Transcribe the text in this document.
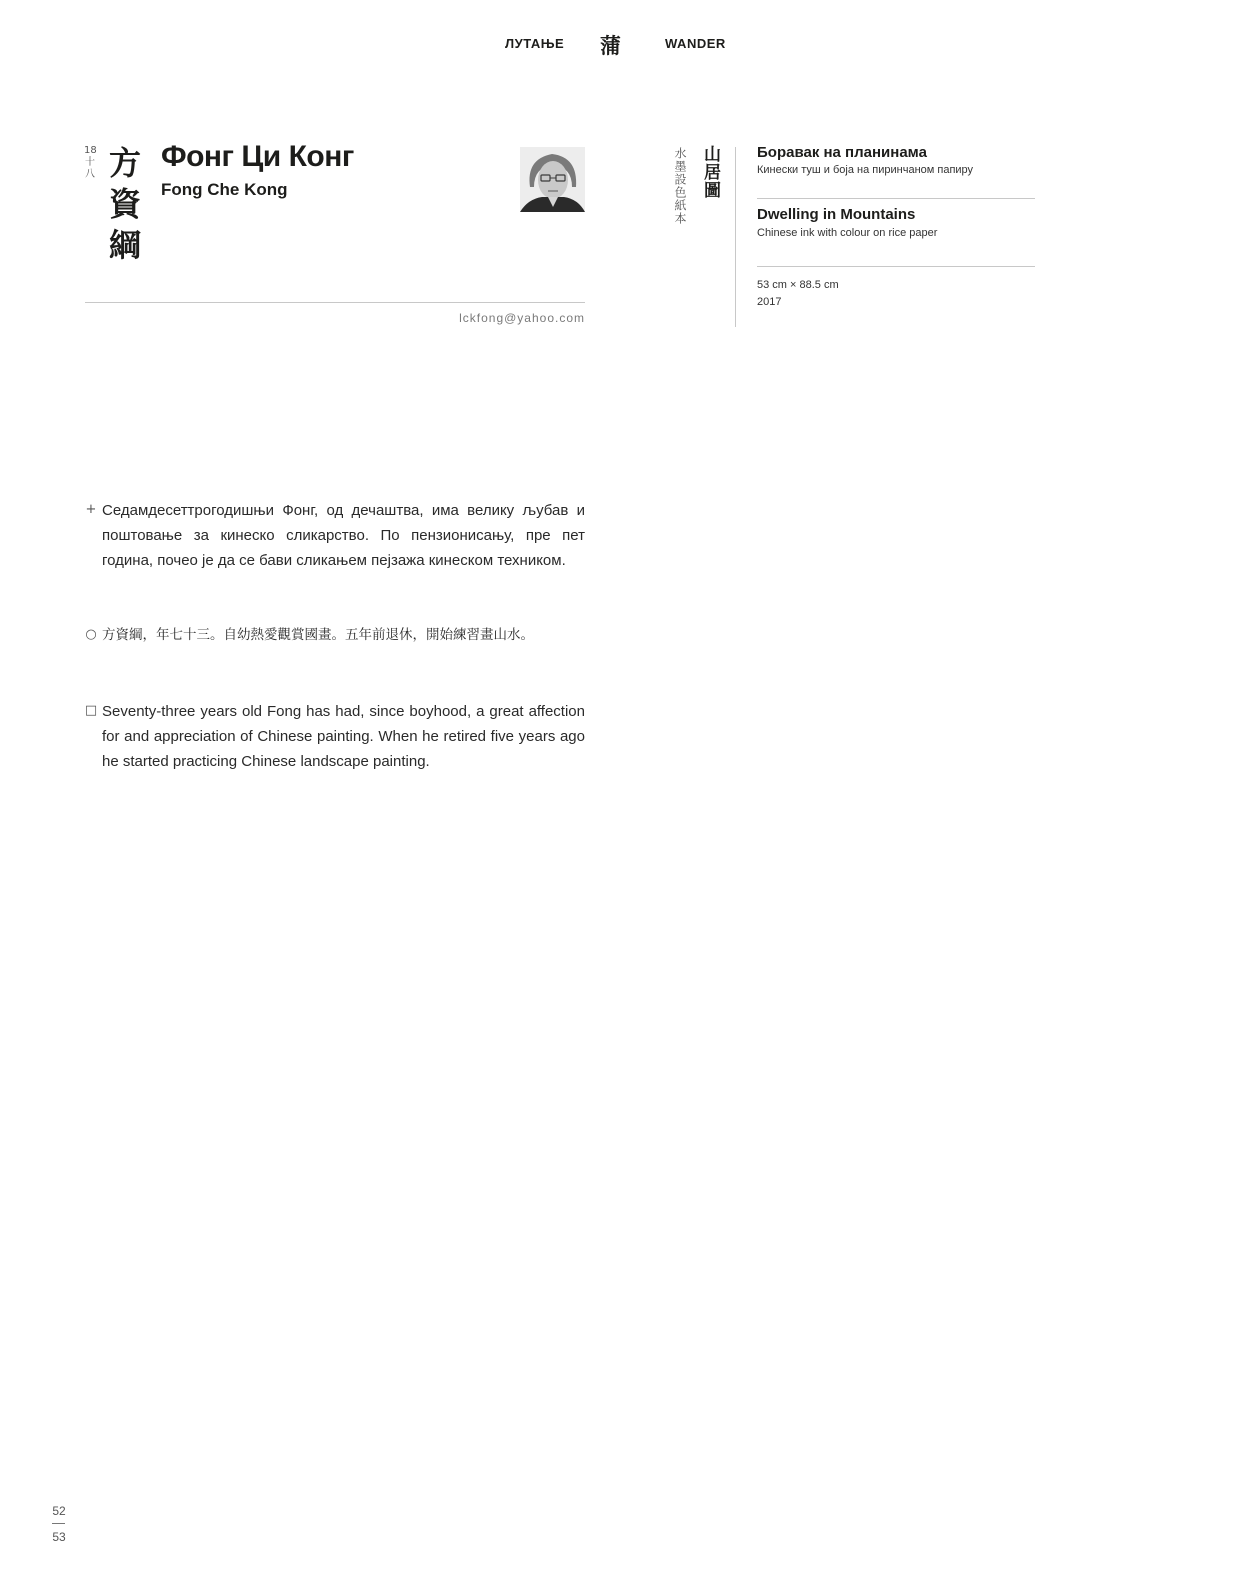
ЛУТАЊЕ 蒲	WANDER
18
十
八 方
資
綱
Фонг Ци Конг
Fong Che Kong
lckfong@yahoo.com
水墨設色紙本 山居圖 Боравак на планинама
Кинески туш и боја на пиринчаном папиру
Dwelling in Mountains
Chinese ink with colour on rice paper
53 cm × 88.5 cm
2017
+ Седамдесеттрогодишњи Фонг, од дечаштва, има велику љубав и поштовање за кинеско сликарство. По пензионисању, пре пет година, почео је да се бави сликањем пејзажа кинеском техником.
○ 方資綱，年七十三。自幼熱愛觀賞國畫。五年前退休，開始練習畫山水。
□ Seventy-three years old Fong has had, since boyhood, a great affection for and appreciation of Chinese painting. When he retired five years ago he started practicing Chinese landscape painting.
52
53
